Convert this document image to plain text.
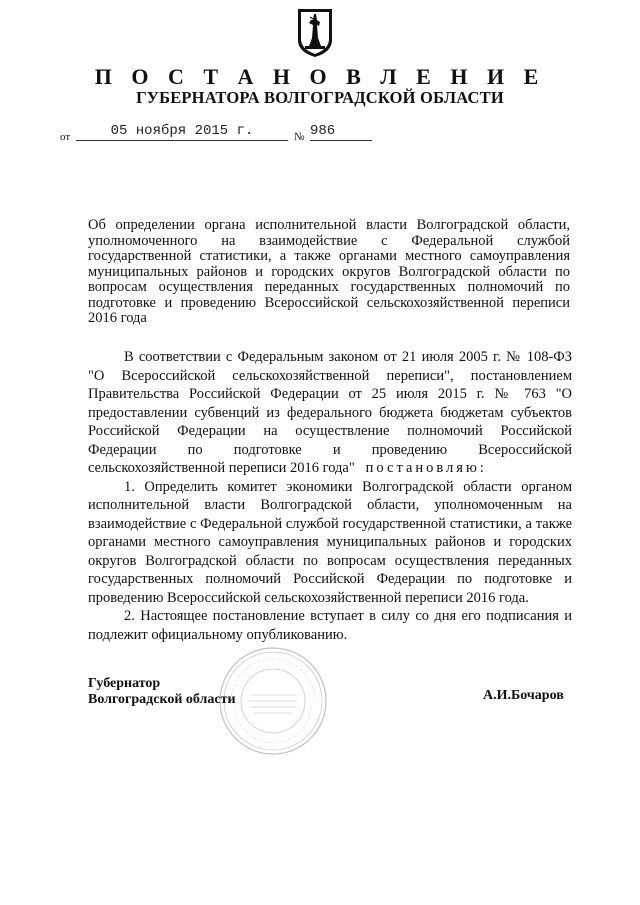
П О С Т А Н О В Л Е Н И Е
ГУБЕРНАТОРА ВОЛГОГРАДСКОЙ ОБЛАСТИ
от	05 ноября 2015 г.	№ 986
Об определении органа исполнительной власти Волгоградской области, уполномоченного на взаимодействие с Федеральной службой государственной статистики, а также органами местного самоуправления муниципальных районов и городских округов Волгоградской области по вопросам осуществления переданных государственных полномочий по подготовке и проведению Всероссийской сельскохозяйственной переписи 2016 года

В соответствии с Федеральным законом от 21 июля 2005 г. № 108-ФЗ "О Всероссийской сельскохозяйственной переписи", постановлением Правительства Российской Федерации от 25 июля 2015 г. № 763 "О предоставлении субвенций из федерального бюджета бюджетам субъектов Российской Федерации на осуществление полномочий Российской Федерации по подготовке и проведению Всероссийской сельскохозяйственной переписи 2016 года" постановляю:

1. Определить комитет экономики Волгоградской области органом исполнительной власти Волгоградской области, уполномоченным на взаимодействие с Федеральной службой государственной статистики, а также органами местного самоуправления муниципальных районов и городских округов Волгоградской области по вопросам осуществления переданных государственных полномочий Российской Федерации по подготовке и проведению Всероссийской сельскохозяйственной переписи 2016 года.

2. Настоящее постановление вступает в силу со дня его подписания и подлежит официальному опубликованию.

Губернатор
Волгоградской области	А.И.Бочаров
